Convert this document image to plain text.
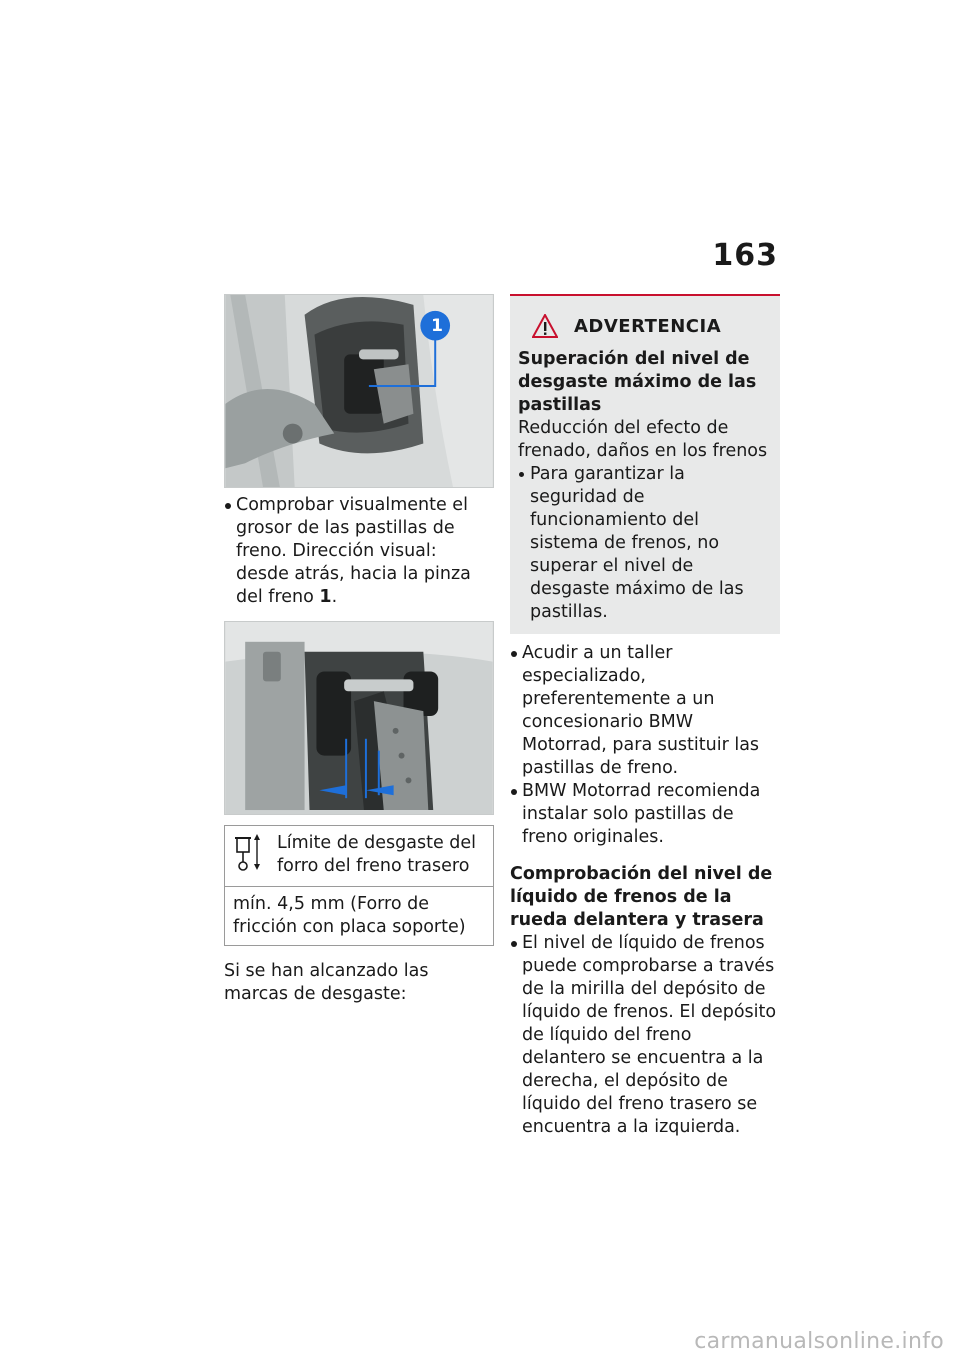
163
1
Comprobar visualmente el grosor de las pastillas de freno. Dirección visual: desde atrás, hacia la pinza del freno 1.
Límite de desgaste del forro del freno trasero
mín. 4,5 mm (Forro de fricción con placa soporte)
Si se han alcanzado las marcas de desgaste:
ADVERTENCIA
Superación del nivel de desgaste máximo de las pastillas
Reducción del efecto de frenado, daños en los frenos
Para garantizar la seguridad de funcionamiento del sistema de frenos, no superar el nivel de desgaste máximo de las pastillas.
Acudir a un taller especializado, preferentemente a un concesionario BMW Motorrad, para sustituir las pastillas de freno.
BMW Motorrad recomienda instalar solo pastillas de freno originales.
Comprobación del nivel de líquido de frenos de la rueda delantera y trasera
El nivel de líquido de frenos puede comprobarse a través de la mirilla del depósito de líquido de frenos. El depósito de líquido del freno delantero se encuentra a la derecha, el depósito de líquido del freno trasero se encuentra a la izquierda.
carmanualsonline.info
